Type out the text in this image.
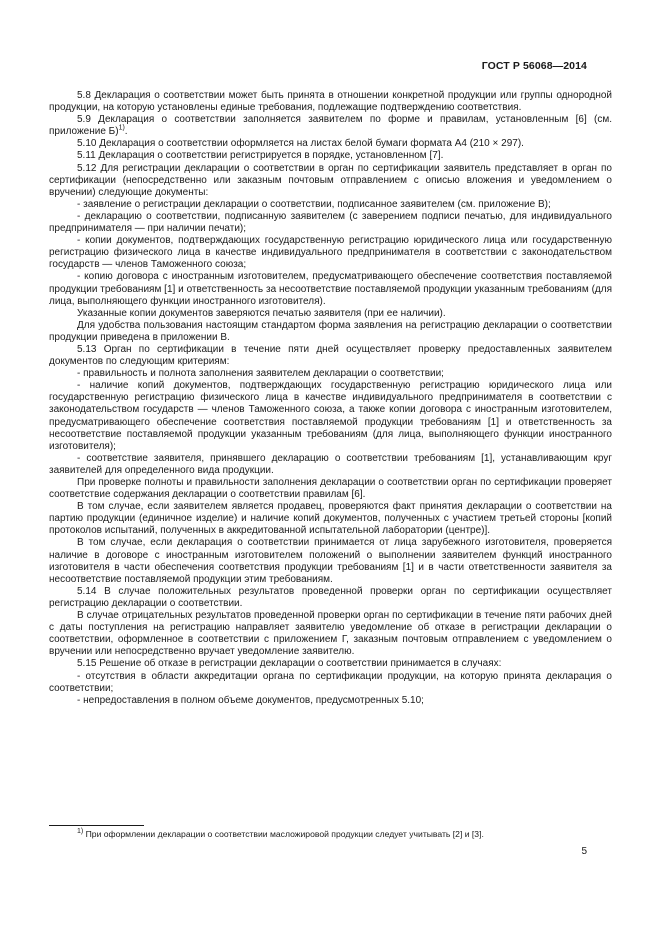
ГОСТ Р 56068—2014

5.8 Декларация о соответствии может быть принята в отношении конкретной продукции или группы однородной продукции, на которую установлены единые требования, подлежащие подтверждению соответствия.

5.9 Декларация о соответствии заполняется заявителем по форме и правилам, установленным [6] (см. приложение Б)$^{1)}$.

5.10 Декларация о соответствии оформляется на листах белой бумаги формата А4 (210 × 297).

5.11 Декларация о соответствии регистрируется в порядке, установленном [7].

5.12 Для регистрации декларации о соответствии в орган по сертификации заявитель представляет в орган по сертификации (непосредственно или заказным почтовым отправлением с описью вложения и уведомлением о вручении) следующие документы:

- заявление о регистрации декларации о соответствии, подписанное заявителем (см. приложение В);

- декларацию о соответствии, подписанную заявителем (с заверением подписи печатью, для индивидуального предпринимателя — при наличии печати);

- копии документов, подтверждающих государственную регистрацию юридического лица или государственную регистрацию физического лица в качестве индивидуального предпринимателя в соответствии с законодательством государств — членов Таможенного союза;

- копию договора с иностранным изготовителем, предусматривающего обеспечение соответствия поставляемой продукции требованиям [1] и ответственность за несоответствие поставляемой продукции указанным требованиям (для лица, выполняющего функции иностранного изготовителя).

Указанные копии документов заверяются печатью заявителя (при ее наличии).

Для удобства пользования настоящим стандартом форма заявления на регистрацию декларации о соответствии продукции приведена в приложении В.

5.13 Орган по сертификации в течение пяти дней осуществляет проверку предоставленных заявителем документов по следующим критериям:

- правильность и полнота заполнения заявителем декларации о соответствии;

- наличие копий документов, подтверждающих государственную регистрацию юридического лица или государственную регистрацию физического лица в качестве индивидуального предпринимателя в соответствии с законодательством государств — членов Таможенного союза, а также копии договора с иностранным изготовителем, предусматривающего обеспечение соответствия поставляемой продукции требованиям [1] и ответственность за несоответствие поставляемой продукции указанным требованиям (для лица, выполняющего функции иностранного изготовителя);

- соответствие заявителя, принявшего декларацию о соответствии требованиям [1], устанавливающим круг заявителей для определенного вида продукции.

При проверке полноты и правильности заполнения декларации о соответствии орган по сертификации проверяет соответствие содержания декларации о соответствии правилам [6].

В том случае, если заявителем является продавец, проверяются факт принятия декларации о соответствии на партию продукции (единичное изделие) и наличие копий документов, полученных с участием третьей стороны [копий протоколов испытаний, полученных в аккредитованной испытательной лаборатории (центре)].

В том случае, если декларация о соответствии принимается от лица зарубежного изготовителя, проверяется наличие в договоре с иностранным изготовителем положений о выполнении заявителем функций иностранного изготовителя в части обеспечения соответствия продукции требованиям [1] и в части ответственности заявителя за несоответствие поставляемой продукции этим требованиям.

5.14 В случае положительных результатов проведенной проверки орган по сертификации осуществляет регистрацию декларации о соответствии.

В случае отрицательных результатов проведенной проверки орган по сертификации в течение пяти рабочих дней с даты поступления на регистрацию направляет заявителю уведомление об отказе в регистрации декларации о соответствии, оформленное в соответствии с приложением Г, заказным почтовым отправлением с уведомлением о вручении или непосредственно вручает уведомление заявителю.

5.15 Решение об отказе в регистрации декларации о соответствии принимается в случаях:

- отсутствия в области аккредитации органа по сертификации продукции, на которую принята декларация о соответствии;

- непредоставления в полном объеме документов, предусмотренных 5.10;

$^{1)}$ При оформлении декларации о соответствии масложировой продукции следует учитывать [2] и [3].
5
